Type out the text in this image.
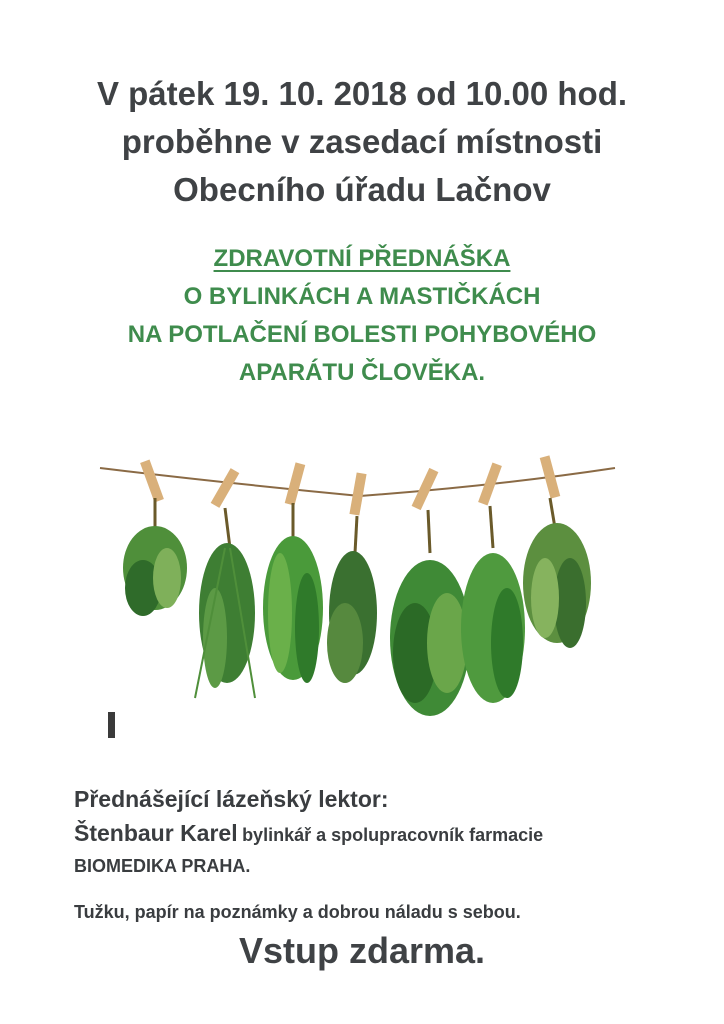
V pátek 19. 10. 2018 od 10.00 hod.
proběhne v zasedací místnosti
Obecního úřadu Lačnov
ZDRAVOTNÍ PŘEDNÁŠKA
O BYLINKÁCH A MASTIČKÁCH
NA POTLAČENÍ BOLESTI POHYBOVÉHO
APARÁTU ČLOVĚKA.
Přednášející lázeňský lektor:
Štenbaur Karel bylinkář a spolupracovník farmacie
BIOMEDIKA PRAHA.
Tužku, papír na poznámky a dobrou náladu s sebou.
Vstup zdarma.
